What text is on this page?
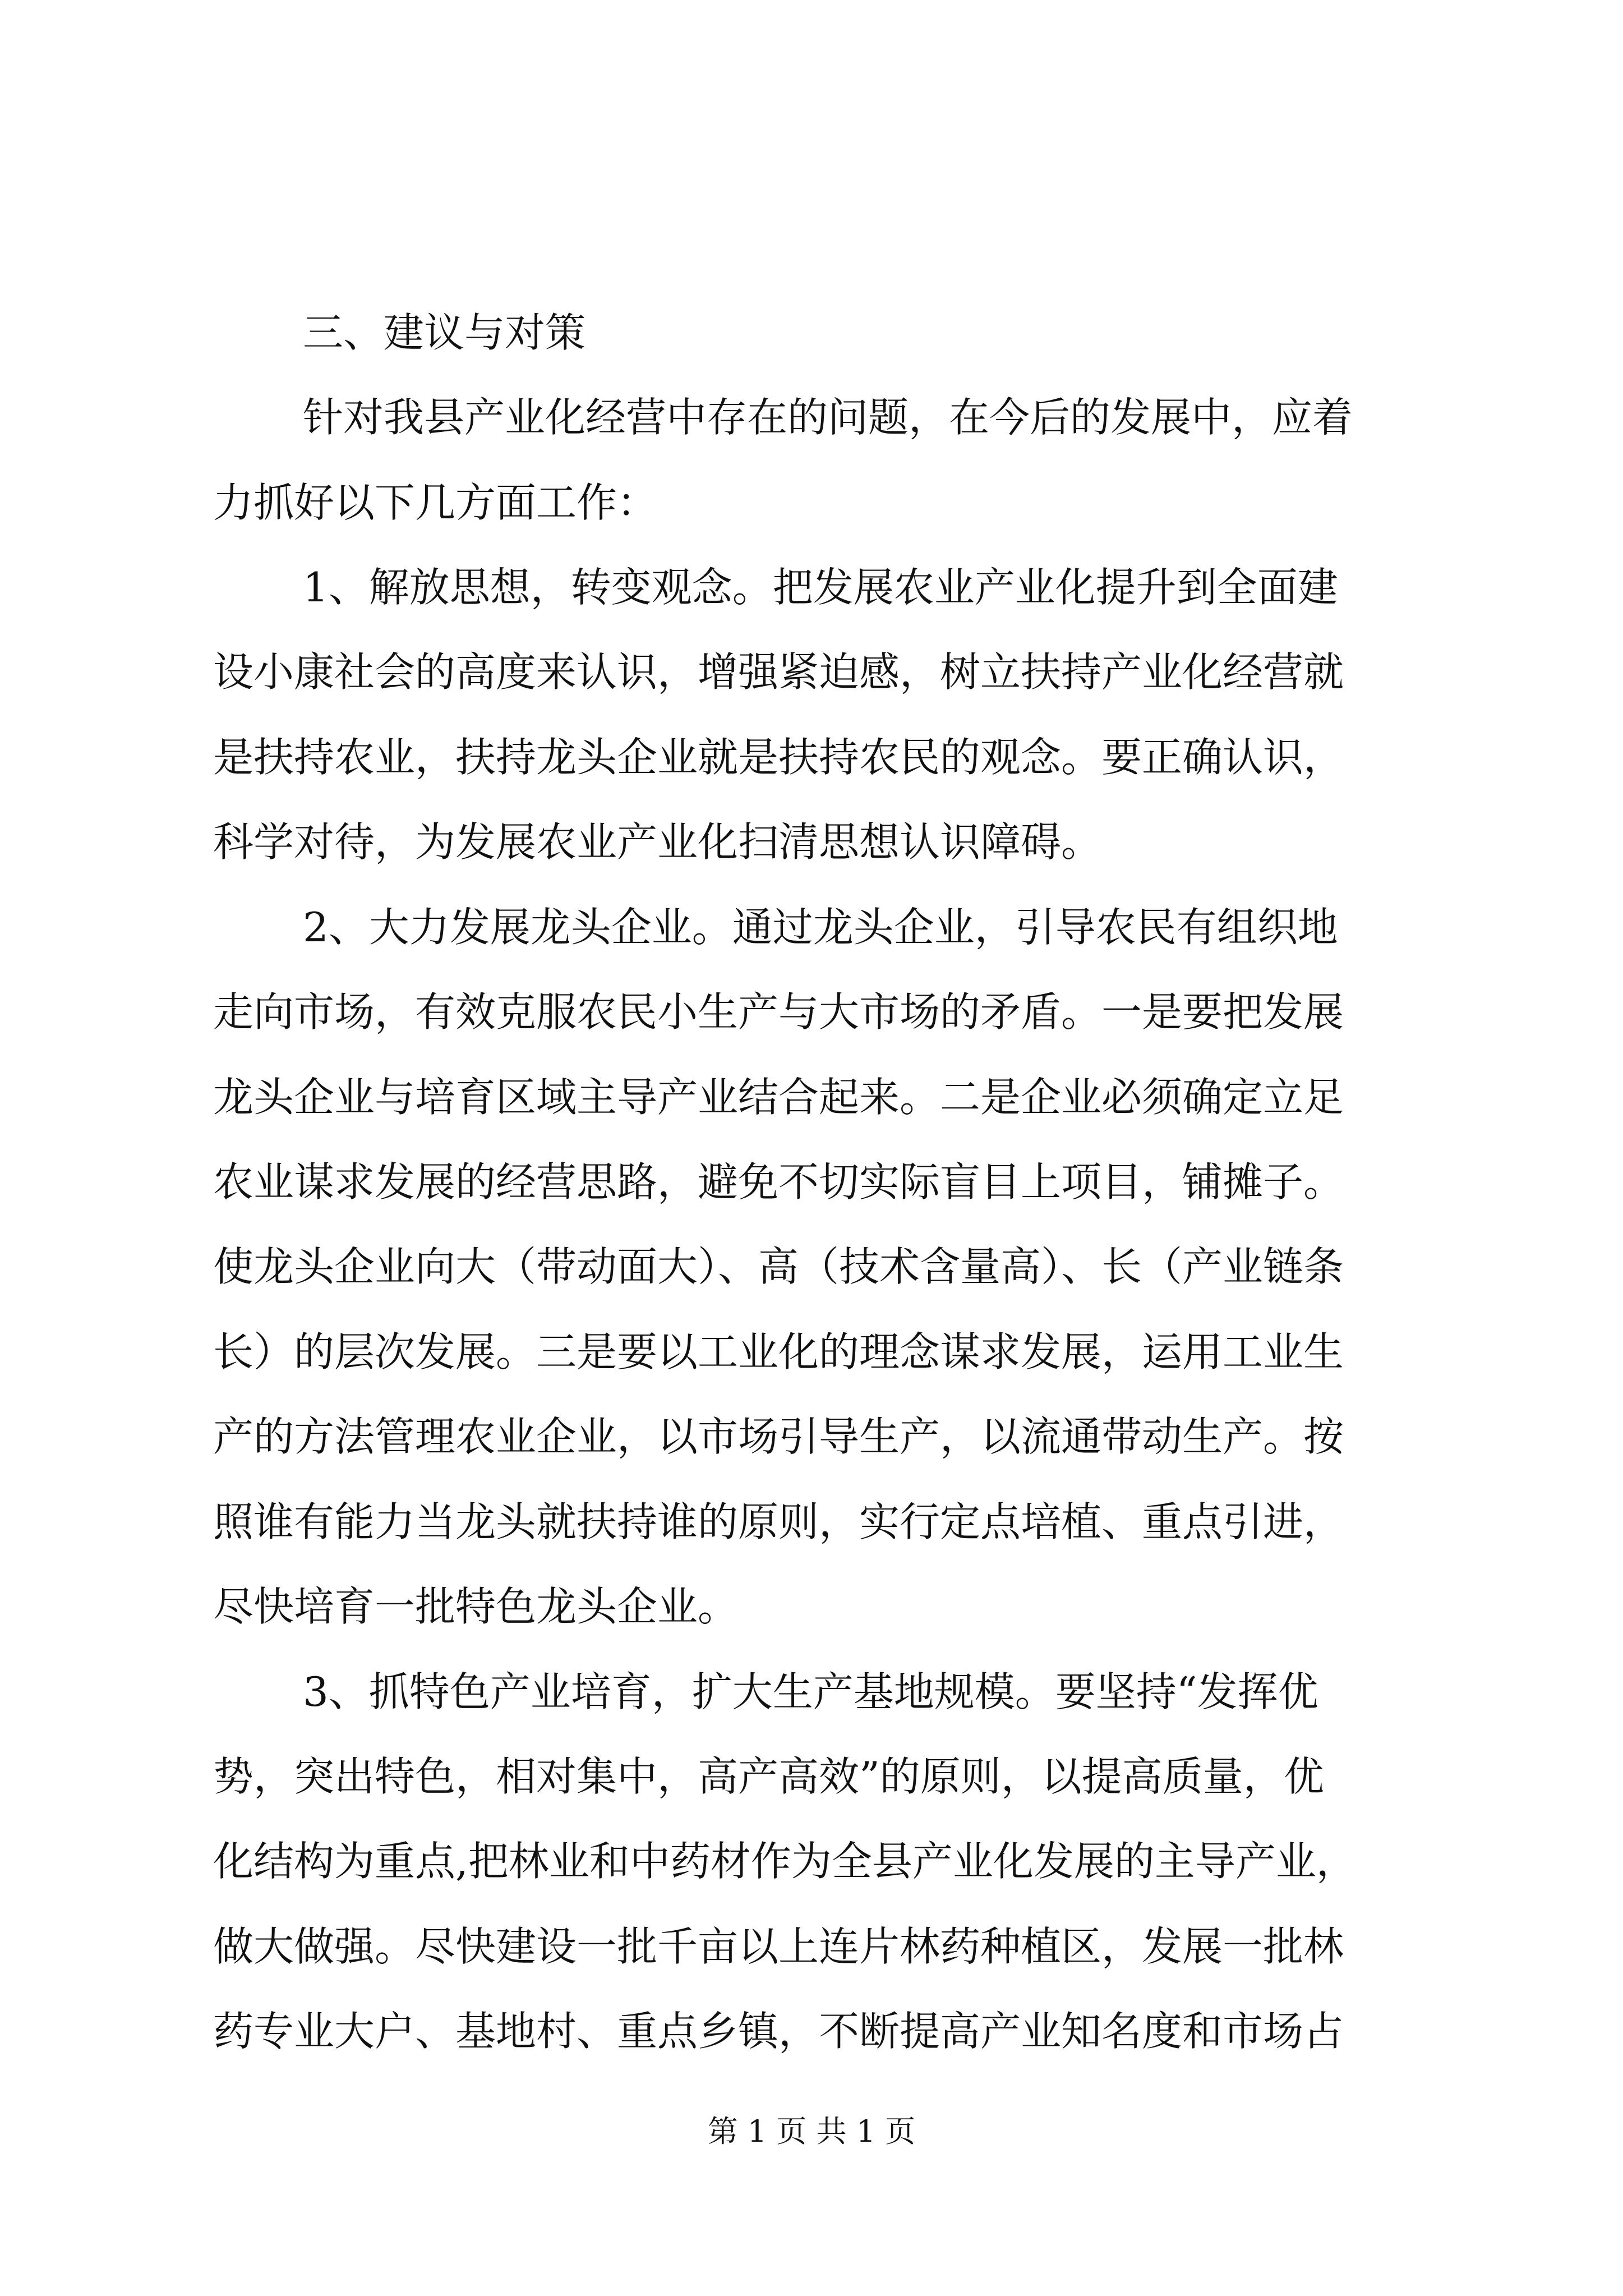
三、建议与对策
针对我县产业化经营中存在的问题，在今后的发展中，应着
力抓好以下几方面工作：
1、解放思想，转变观念。把发展农业产业化提升到全面建
设小康社会的高度来认识，增强紧迫感，树立扶持产业化经营就
是扶持农业，扶持龙头企业就是扶持农民的观念。要正确认识，
科学对待，为发展农业产业化扫清思想认识障碍。
2、大力发展龙头企业。通过龙头企业，引导农民有组织地
走向市场，有效克服农民小生产与大市场的矛盾。一是要把发展
龙头企业与培育区域主导产业结合起来。二是企业必须确定立足
农业谋求发展的经营思路，避免不切实际盲目上项目，铺摊子。
使龙头企业向大（带动面大）、高（技术含量高）、长（产业链条
长）的层次发展。三是要以工业化的理念谋求发展，运用工业生
产的方法管理农业企业，以市场引导生产，以流通带动生产。按
照谁有能力当龙头就扶持谁的原则，实行定点培植、重点引进，
尽快培育一批特色龙头企业。
3、抓特色产业培育，扩大生产基地规模。要坚持“发挥优
势，突出特色，相对集中，高产高效”的原则，以提高质量，优
化结构为重点,把林业和中药材作为全县产业化发展的主导产业，
做大做强。尽快建设一批千亩以上连片林药种植区，发展一批林
药专业大户、基地村、重点乡镇，不断提高产业知名度和市场占
第 1 页 共 1 页
